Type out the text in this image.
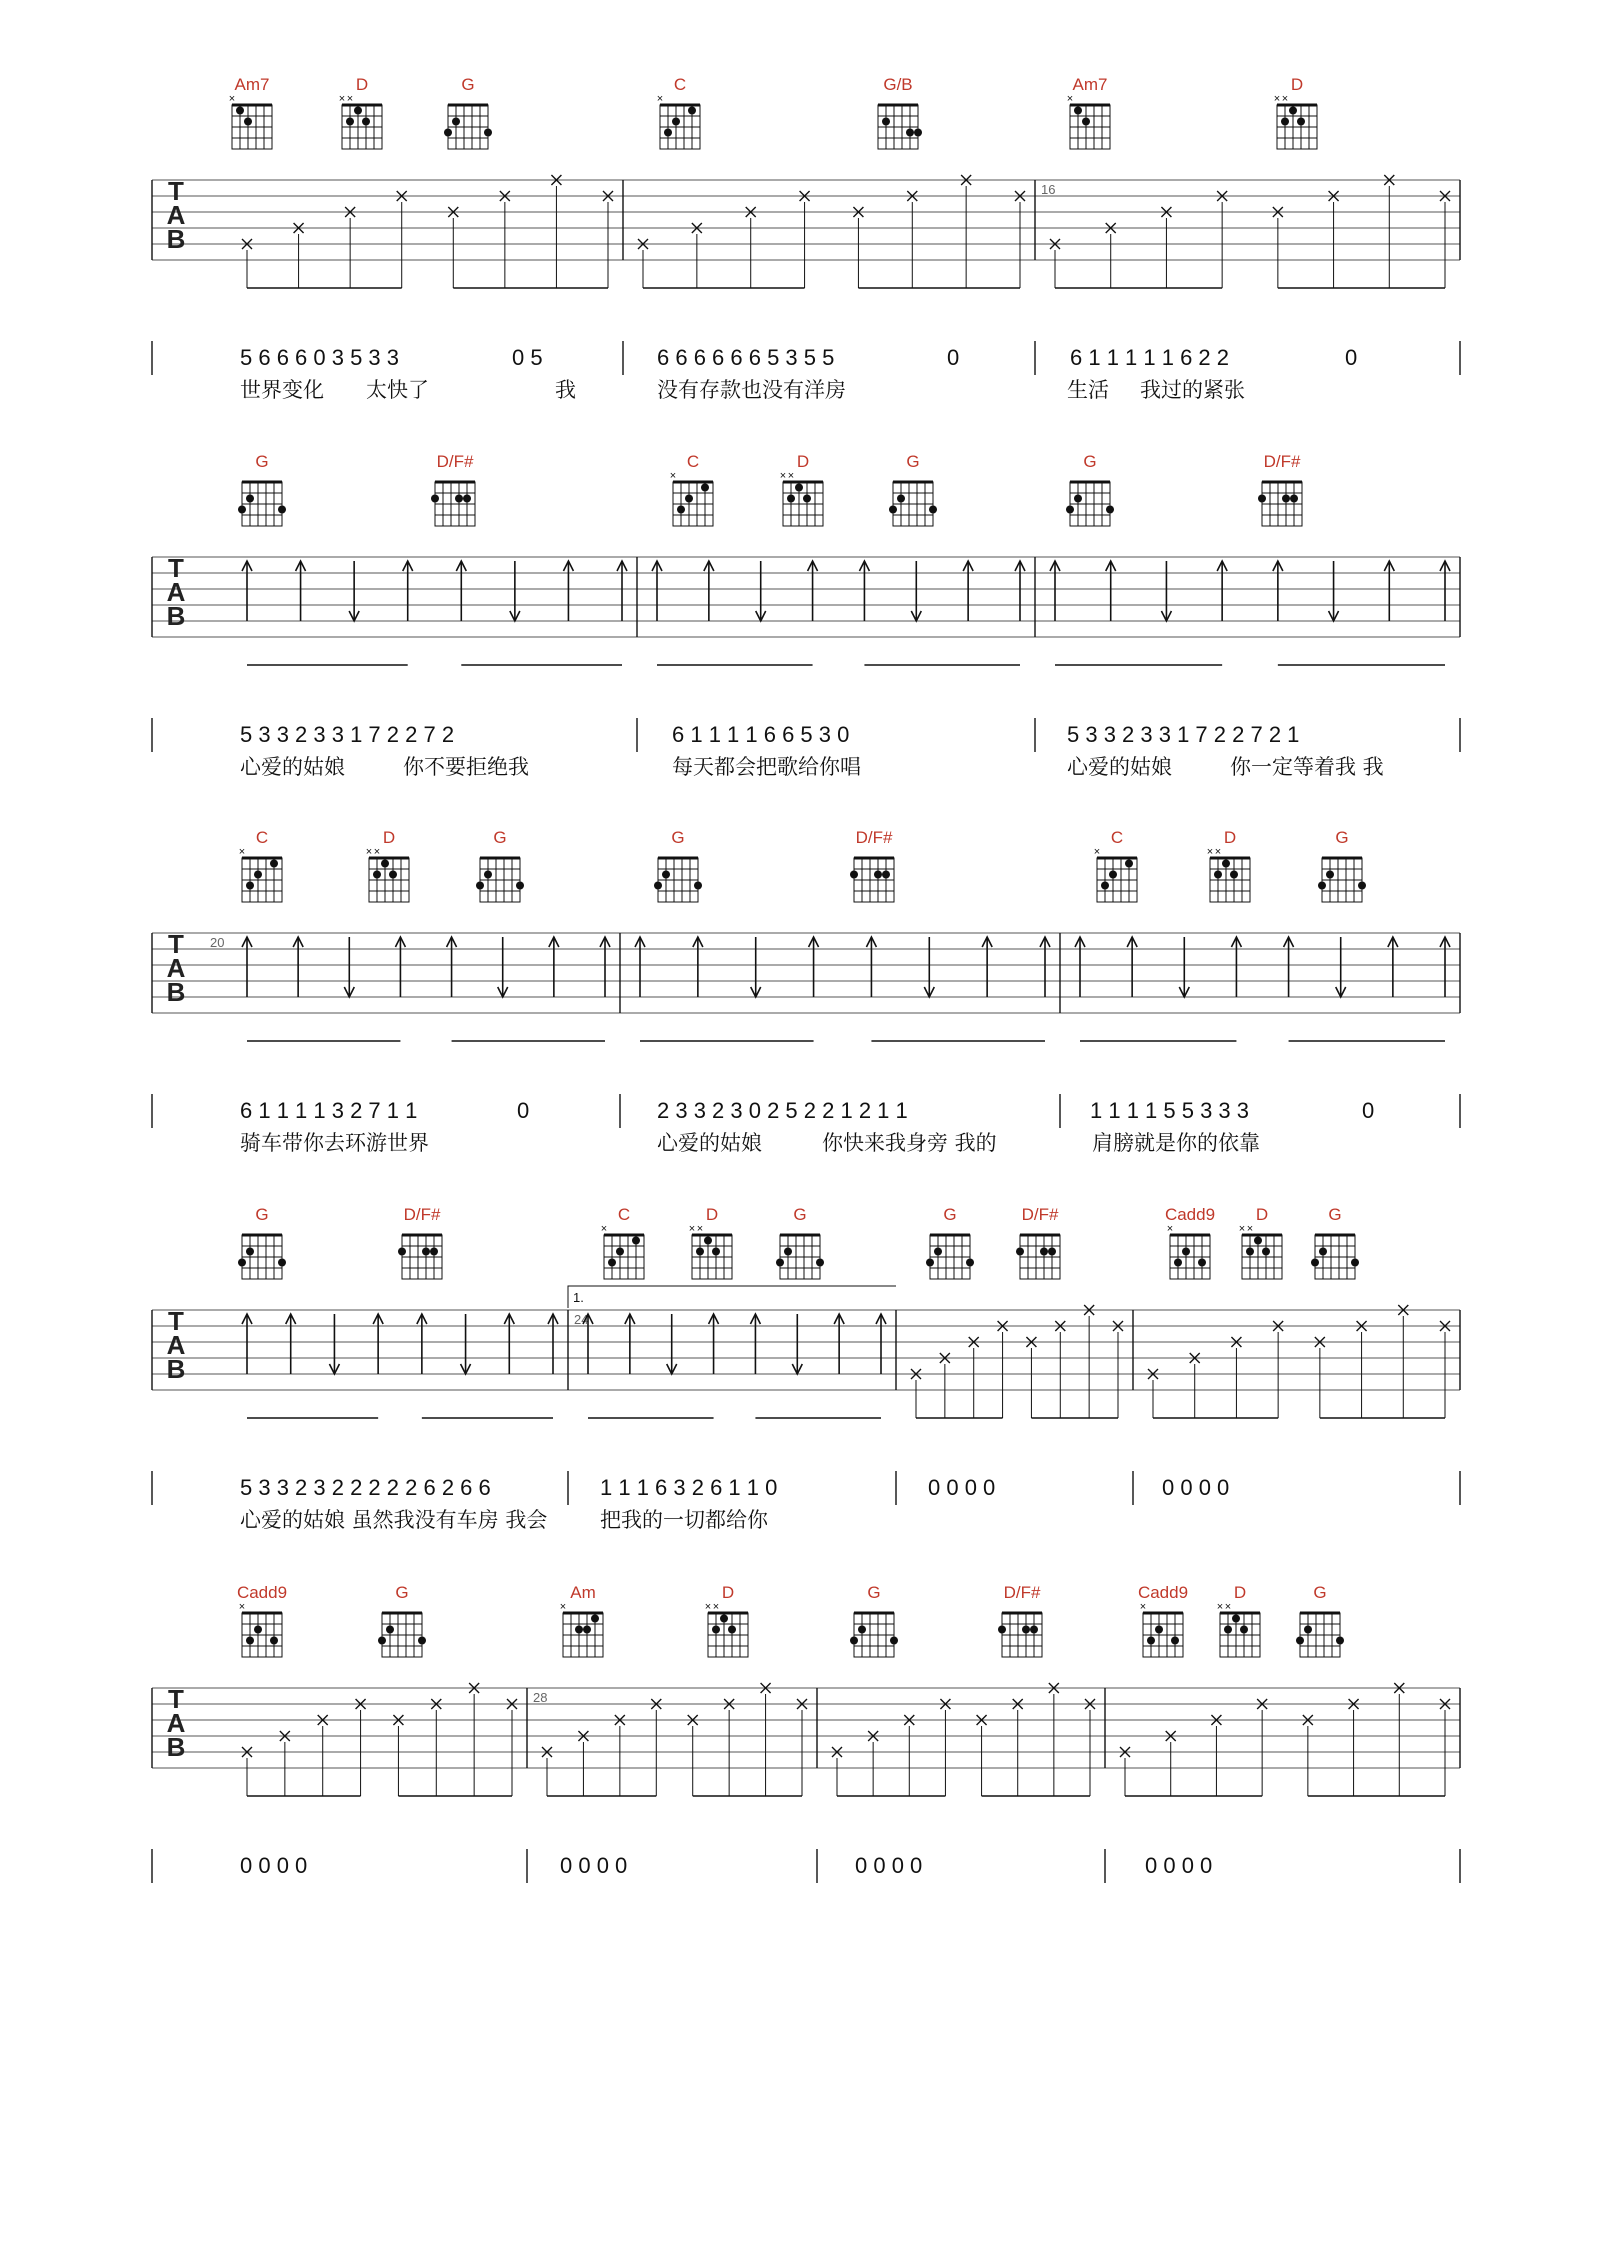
Am7
×
D
× ×
G	C
×
G/B	Am7
×
D
× ×
T
A
B
16
5 6 6 6 0 3 5 3 3	0 5	6 6 6 6 6 6 5 3 5 5	0	6 1 1 1 1 1 6 2 2	0
世界变化 太快了	我	没有存款也没有洋房	生活 我过的紧张
G	D/F#	C
×
D
× ×
G	G	D/F#
T
A
B
5 3 3 2 3 3 1 7 2 2 7 2	6 1 1 1 1 6 6 5 3 0	5 3 3 2 3 3 1 7 2 2 7 2 1
心爱的姑娘	你不要拒绝我	每天都会把歌给你唱	心爱的姑娘	你一定等着我 我
C
×
D
× ×
G	G	D/F#	C
×
D
× ×
G
T
A
B
20
6 1 1 1 1 3 2 7 1 1	0	2 3 3 2 3 0 2 5 2 2 1 2 1 1	1 1 1 1 5 5 3 3 3	0
骑车带你去环游世界	心爱的姑娘	你快来我身旁 我的	肩膀就是你的依靠
G	D/F#	C
×
D
× ×
G	G	D/F#	Cadd9
×
D
× ×
G
T
A
B
24
1.
5 3 3 2 3 2 2 2 2 2 6 2 6 6	1 1 1 6 3 2 6 1 1 0	0 0 0 0	0 0 0 0
心爱的姑娘 虽然我没有车房 我会	把我的一切都给你
Cadd9
×
G	Am
×
D
× ×
G	D/F#	Cadd9
×
D
× ×
G
T
A
B
28
0 0 0 0	0 0 0 0	0 0 0 0	0 0 0 0
